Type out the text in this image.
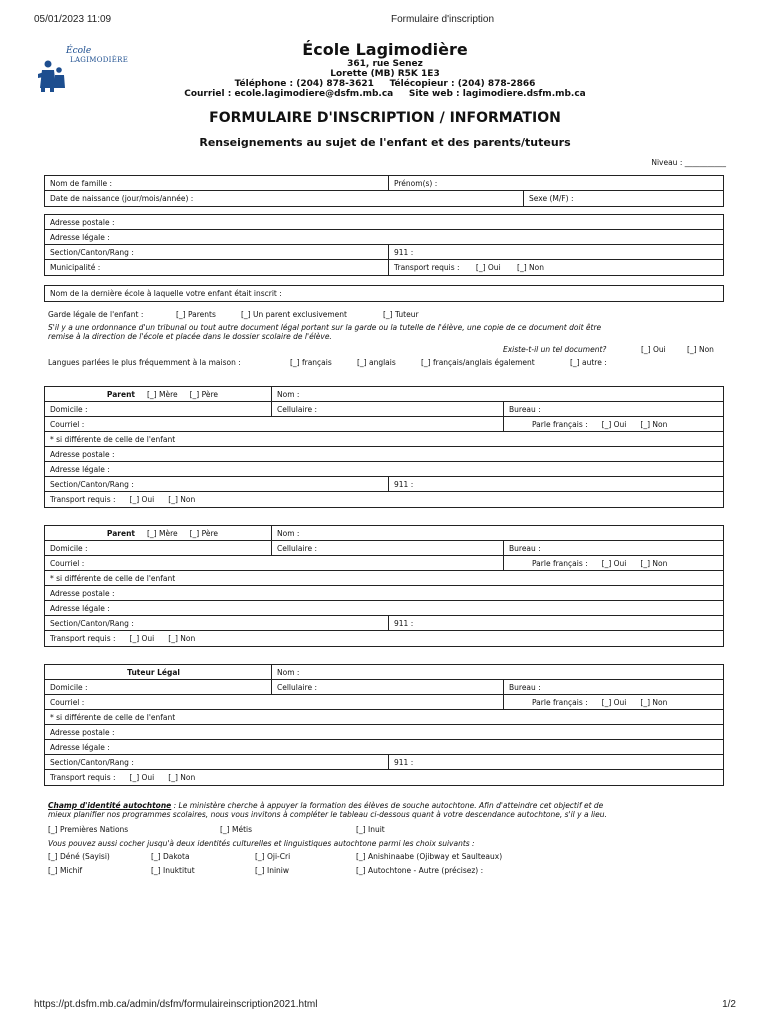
05/01/2023 11:09	Formulaire d'inscription
École
LAGIMODIÈRE
École Lagimodière
361, rue Senez
Lorette (MB) R5K 1E3
Téléphone : (204) 878-3621     Télécopieur : (204) 878-2866
Courriel : ecole.lagimodiere@dsfm.mb.ca     Site web : lagimodiere.dsfm.mb.ca
FORMULAIRE D'INSCRIPTION / INFORMATION
Renseignements au sujet de l'enfant et des parents/tuteurs
Niveau : ___________
Nom de famille :	Prénom(s) :
Date de naissance (jour/mois/année) :	Sexe (M/F) :
Adresse postale :
Adresse légale :
Section/Canton/Rang :	911 :
Municipalité :	Transport requis : [_] Oui [_] Non
Nom de la dernière école à laquelle votre enfant était inscrit :
Garde légale de l'enfant :	[_] Parents	[_] Un parent exclusivement	[_] Tuteur
S'il y a une ordonnance d'un tribunal ou tout autre document légal portant sur la garde ou la tutelle de l'élève, une copie de ce document doit être
remise à la direction de l'école et placée dans le dossier scolaire de l'élève.
Existe-t-il un tel document?	[_] Oui	[_] Non
Langues parlées le plus fréquemment à la maison :	[_] français	[_] anglais	[_] français/anglais également	[_] autre :
Parent [_] Mère [_] Père	Nom :
Domicile :	Cellulaire :	Bureau :
Courriel :	Parle français : [_] Oui [_] Non
* si différente de celle de l'enfant
Adresse postale :
Adresse légale :
Section/Canton/Rang :	911 :
Transport requis : [_] Oui [_] Non
Parent [_] Mère [_] Père	Nom :
Domicile :	Cellulaire :	Bureau :
Courriel :	Parle français : [_] Oui [_] Non
* si différente de celle de l'enfant
Adresse postale :
Adresse légale :
Section/Canton/Rang :	911 :
Transport requis : [_] Oui [_] Non
Tuteur Légal	Nom :
Domicile :	Cellulaire :	Bureau :
Courriel :	Parle français : [_] Oui [_] Non
* si différente de celle de l'enfant
Adresse postale :
Adresse légale :
Section/Canton/Rang :	911 :
Transport requis : [_] Oui [_] Non
Champ d'identité autochtone : Le ministère cherche à appuyer la formation des élèves de souche autochtone. Afin d'atteindre cet objectif et de
mieux planifier nos programmes scolaires, nous vous invitons à compléter le tableau ci-dessous quant à votre descendance autochtone, s'il y a lieu.
[_] Premières Nations	[_] Métis	[_] Inuit
Vous pouvez aussi cocher jusqu'à deux identités culturelles et linguistiques autochtone parmi les choix suivants :
[_] Déné (Sayisi)	[_] Dakota	[_] Oji-Cri	[_] Anishinaabe (Ojibway et Saulteaux)
[_] Michif	[_] Inuktitut	[_] Ininiw	[_] Autochtone - Autre (précisez) :
https://pt.dsfm.mb.ca/admin/dsfm/formulaireinscription2021.html	1/2
